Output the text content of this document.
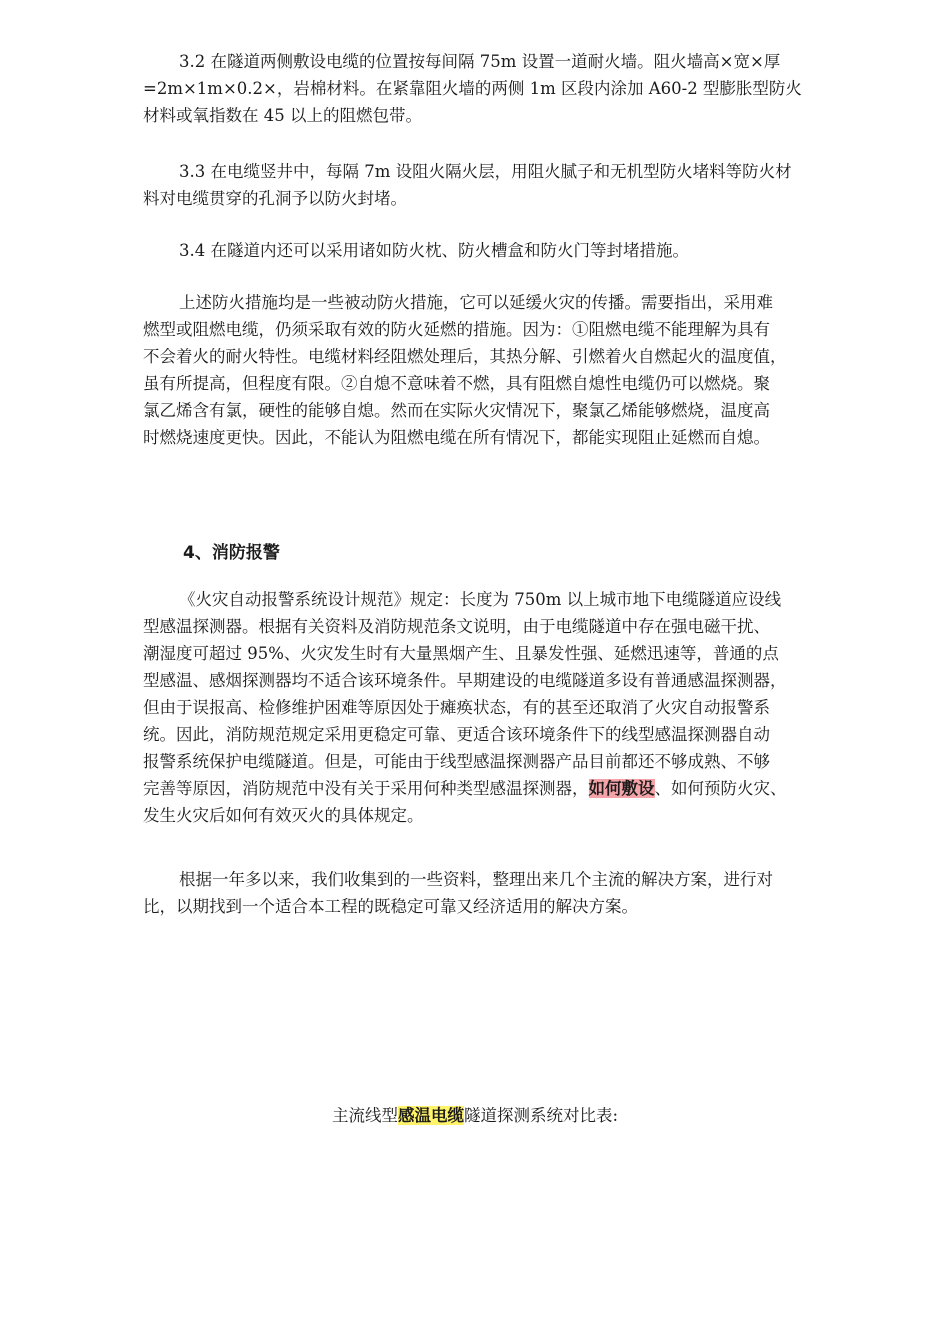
3.2 在隧道两侧敷设电缆的位置按每间隔 75m 设置一道耐火墙。阻火墙高×宽×厚
=2m×1m×0.2×，岩棉材料。在紧靠阻火墙的两侧 1m 区段内涂加 A60-2 型膨胀型防火
材料或氧指数在 45 以上的阻燃包带。
3.3 在电缆竖井中，每隔 7m 设阻火隔火层，用阻火腻子和无机型防火堵料等防火材
料对电缆贯穿的孔洞予以防火封堵。
3.4 在隧道内还可以采用诸如防火枕、防火槽盒和防火门等封堵措施。
上述防火措施均是一些被动防火措施，它可以延缓火灾的传播。需要指出，采用难
燃型或阻燃电缆，仍须采取有效的防火延燃的措施。因为：①阻燃电缆不能理解为具有
不会着火的耐火特性。电缆材料经阻燃处理后，其热分解、引燃着火自燃起火的温度值，
虽有所提高，但程度有限。②自熄不意味着不燃，具有阻燃自熄性电缆仍可以燃烧。聚
氯乙烯含有氯，硬性的能够自熄。然而在实际火灾情况下，聚氯乙烯能够燃烧，温度高
时燃烧速度更快。因此，不能认为阻燃电缆在所有情况下，都能实现阻止延燃而自熄。
4、消防报警
《火灾自动报警系统设计规范》规定：长度为 750m 以上城市地下电缆隧道应设线
型感温探测器。根据有关资料及消防规范条文说明，由于电缆隧道中存在强电磁干扰、
潮湿度可超过 95%、火灾发生时有大量黑烟产生、且暴发性强、延燃迅速等，普通的点
型感温、感烟探测器均不适合该环境条件。早期建设的电缆隧道多设有普通感温探测器，
但由于误报高、检修维护困难等原因处于瘫痪状态，有的甚至还取消了火灾自动报警系
统。因此，消防规范规定采用更稳定可靠、更适合该环境条件下的线型感温探测器自动
报警系统保护电缆隧道。但是，可能由于线型感温探测器产品目前都还不够成熟、不够
完善等原因，消防规范中没有关于采用何种类型感温探测器，如何敷设、如何预防火灾、
发生火灾后如何有效灭火的具体规定。
根据一年多以来，我们收集到的一些资料，整理出来几个主流的解决方案，进行对
比，以期找到一个适合本工程的既稳定可靠又经济适用的解决方案。

主流线型感温电缆隧道探测系统对比表:
